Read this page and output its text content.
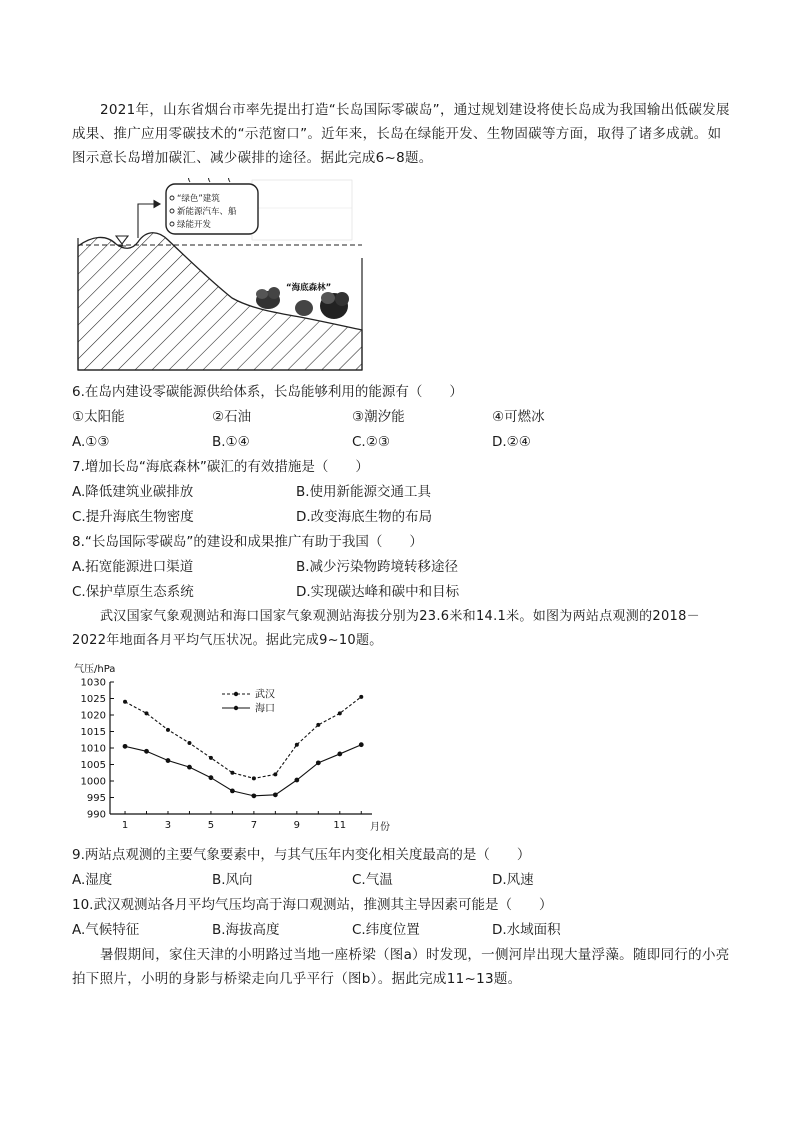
2021年，山东省烟台市率先提出打造“长岛国际零碳岛”，通过规划建设将使长岛成为我国输出低碳发展成果、推广应用零碳技术的“示范窗口”。近年来，长岛在绿能开发、生物固碳等方面，取得了诸多成就。如图示意长岛增加碳汇、减少碳排的途径。据此完成6~8题。
“绿色”建筑
新能源汽车、船
绿能开发
“海底森林”
6.在岛内建设零碳能源供给体系，长岛能够利用的能源有（　　）
①太阳能	②石油	③潮汐能	④可燃冰
A.①③	B.①④	C.②③	D.②④
7.增加长岛“海底森林”碳汇的有效措施是（　　）
A.降低建筑业碳排放	B.使用新能源交通工具
C.提升海底生物密度	D.改变海底生物的布局
8.“长岛国际零碳岛”的建设和成果推广有助于我国（　　）
A.拓宽能源进口渠道	B.减少污染物跨境转移途径
C.保护草原生态系统	D.实现碳达峰和碳中和目标
武汉国家气象观测站和海口国家气象观测站海拔分别为23.6米和14.1米。如图为两站点观测的2018－2022年地面各月平均气压状况。据此完成9~10题。
气压/hPa
月份
990
995
1000
1005
1010
1015
1020
1025
1030
1	3	5	7	9	11
武汉
海口
9.两站点观测的主要气象要素中，与其气压年内变化相关度最高的是（　　）
A.湿度	B.风向	C.气温	D.风速
10.武汉观测站各月平均气压均高于海口观测站，推测其主导因素可能是（　　）
A.气候特征	B.海拔高度	C.纬度位置	D.水域面积
暑假期间，家住天津的小明路过当地一座桥梁（图a）时发现，一侧河岸出现大量浮藻。随即同行的小亮拍下照片，小明的身影与桥梁走向几乎平行（图b）。据此完成11~13题。
